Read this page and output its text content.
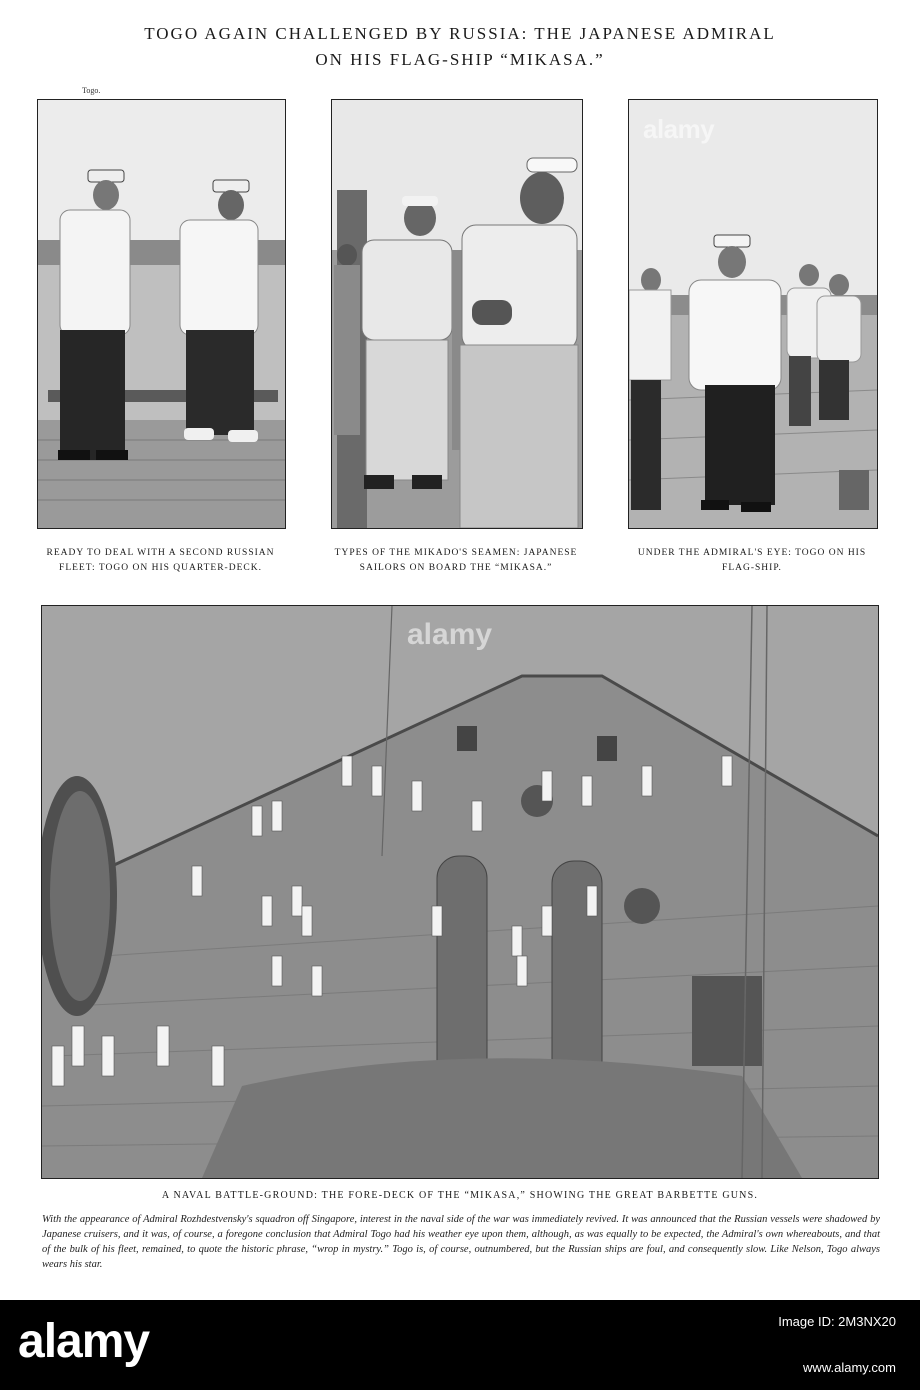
TOGO AGAIN CHALLENGED BY RUSSIA: THE JAPANESE ADMIRAL
ON HIS FLAG-SHIP “MIKASA.”
Togo.
alamy
READY TO DEAL WITH A SECOND RUSSIAN FLEET: TOGO ON HIS QUARTER-DECK.
TYPES OF THE MIKADO'S SEAMEN: JAPANESE SAILORS ON BOARD THE “MIKASA.”
UNDER THE ADMIRAL'S EYE: TOGO ON HIS FLAG-SHIP.
alamy
A NAVAL BATTLE-GROUND: THE FORE-DECK OF THE “MIKASA,” SHOWING THE GREAT BARBETTE GUNS.
With the appearance of Admiral Rozhdestvensky's squadron off Singapore, interest in the naval side of the war was immediately revived. It was announced that the Russian vessels were shadowed by Japanese cruisers, and it was, of course, a foregone conclusion that Admiral Togo had his weather eye upon them, although, as was equally to be expected, the Admiral's own whereabouts, and that of the bulk of his fleet, remained, to quote the historic phrase, “wrop in mystry.” Togo is, of course, outnumbered, but the Russian ships are foul, and consequently slow. Like Nelson, Togo always wears his star.
alamy	Image ID: 2M3NX20
www.alamy.com
